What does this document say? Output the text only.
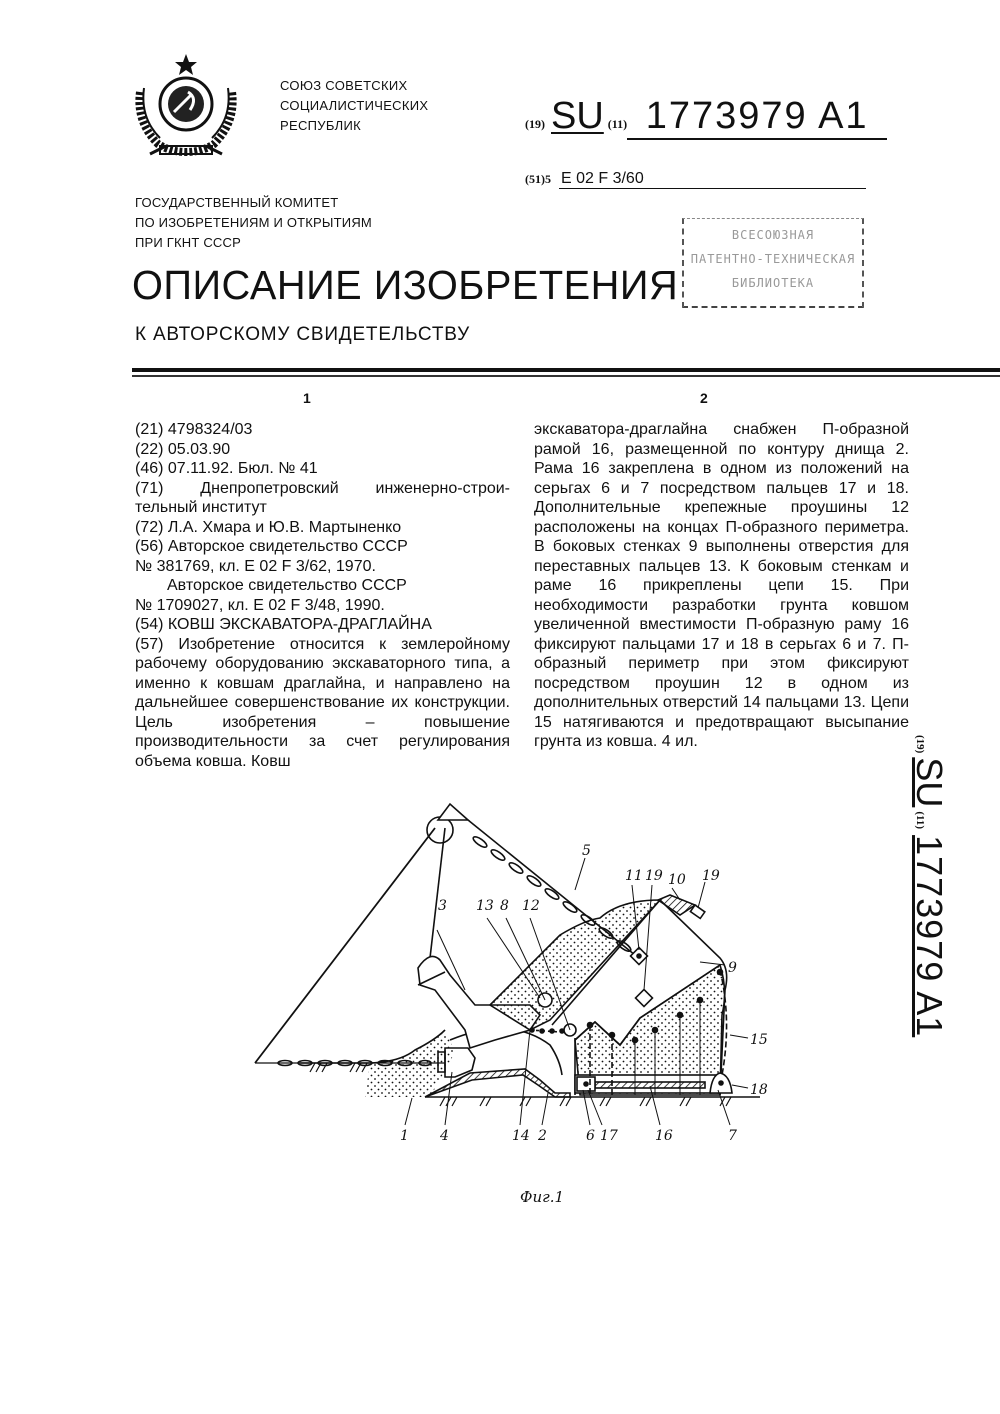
СОЮЗ СОВЕТСКИХ
СОЦИАЛИСТИЧЕСКИХ
РЕСПУБЛИК
ГОСУДАРСТВЕННЫЙ КОМИТЕТ
ПО ИЗОБРЕТЕНИЯМ И ОТКРЫТИЯМ
ПРИ ГКНТ СССР
(19) SU (11) 1773979 A1
(51)5 E 02 F 3/60
ВСЕСОЮЗНАЯ
ПАТЕНТНО-ТЕХНИЧЕСКАЯ
БИБЛИОТЕКА
ОПИСАНИЕ ИЗОБРЕТЕНИЯ
К АВТОРСКОМУ СВИДЕТЕЛЬСТВУ
1	2

(21) 4798324/03

(22) 05.03.90

(46) 07.11.92. Бюл. № 41

(71) Днепропетровский инженерно-строи-

тельный институт

(72) Л.А. Хмара и Ю.В. Мартыненко

(56) Авторское свидетельство СССР

№ 381769, кл. E 02 F 3/62, 1970.

Авторское свидетельство СССР

№ 1709027, кл. E 02 F 3/48, 1990.

(54) КОВШ ЭКСКАВАТОРА-ДРАГЛАЙНА

(57) Изобретение относится к землеройному рабочему оборудованию экскаваторного типа, а именно к ковшам драглайна, и направлено на дальнейшее совершенствование их конструкции. Цель изобретения – повышение производительности за счет регулирования объема ковша. Ковш

экскаватора-драглайна снабжен П-образной рамой 16, размещенной по контуру днища 2. Рама 16 закреплена в одном из положений на серьгах 6 и 7 посредством пальцев 17 и 18. Дополнительные крепежные проушины 12 расположены на концах П-образного периметра. В боковых стенках 9 выполнены отверстия для переставных пальцев 13. К боковым стенкам и раме 16 прикреплены цепи 15. При необходимости разработки грунта ковшом увеличенной вместимости П-образную раму 16 фиксируют пальцами 17 и 18 в серьгах 6 и 7. П-образный периметр при этом фиксируют посредством проушин 12 в одном из дополнительных отверстий 14 пальцами 13. Цепи 15 натягиваются и предотвращают высыпание грунта из ковша. 4 ил.	(19)SU(11)1773979 A1
3 13 8 12
5
11 19 10 19
9
15
18
1 4	14 2	6 17	16	7
Фиг.1
